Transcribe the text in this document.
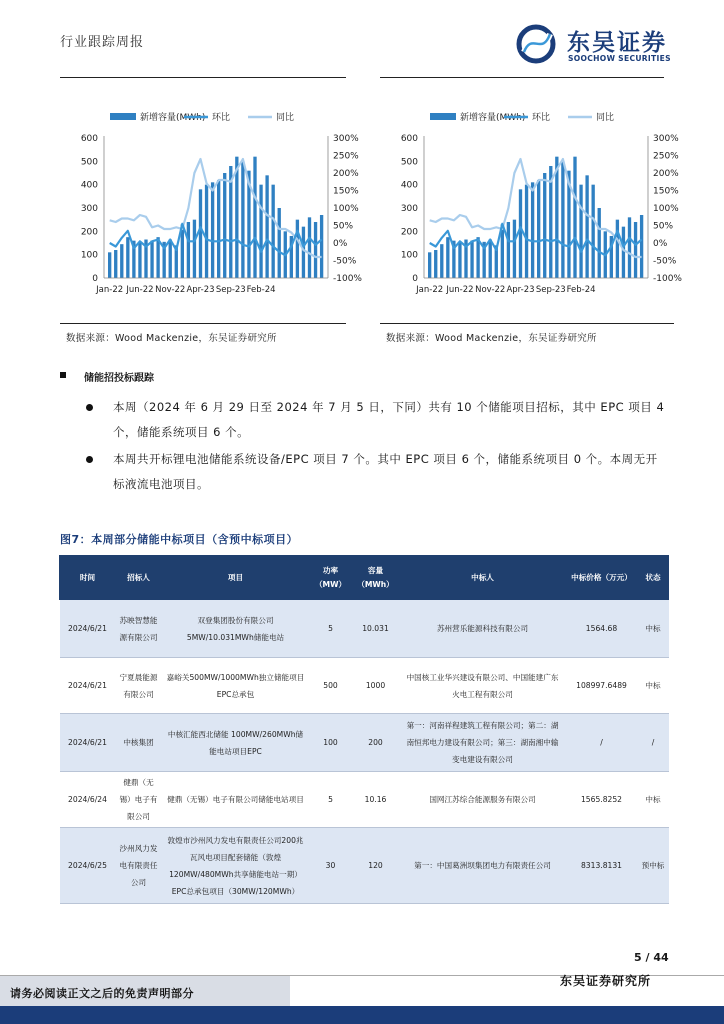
行业跟踪周报	东吴证券
SOOCHOW SECURITIES
新增容量(MWh) 环比	同比
600
500
400
300
200
100
0
300%
250%
200%
150%
100%
50%
0%
-50%
-100%
Jan-22 Jun-22 Nov-22 Apr-23 Sep-23 Feb-24
新增容量(MWh) 环比	同比
600
500
400
300
200
100
0
300%
250%
200%
150%
100%
50%
0%
-50%
-100%
Jan-22 Jun-22 Nov-22 Apr-23 Sep-23 Feb-24
数据来源：Wood Mackenzie，东吴证券研究所	数据来源：Wood Mackenzie，东吴证券研究所
储能招投标跟踪
本周（2024 年 6 月 29 日至 2024 年 7 月 5 日，下同）共有 10 个储能项目招标，其中 EPC 项目 4 个，储能系统项目 6 个。
本周共开标锂电池储能系统设备/EPC 项目 7 个。其中 EPC 项目 6 个，储能系统项目 0 个。本周无开标液流电池项目。
图7：本周部分储能中标项目（含预中标项目）
时间	招标人	项目	功率（MW）	容量（MWh）	中标人	中标价格（万元）	状态
2024/6/21	苏映智慧能源有限公司	双登集团股份有限公司5MW/10.031MWh储能电站	5	10.031	苏州营乐能源科技有限公司	1564.68	中标
2024/6/21	宁夏晨能源有限公司	嘉峪关500MW/1000MWh独立储能项目EPC总承包	500	1000	中国核工业华兴建设有限公司、中国能建广东火电工程有限公司	108997.6489	中标
2024/6/21	中核集团	中核汇能西北储能 100MW/260MWh储能电站项目EPC	100	200	第一：河南祥程建筑工程有限公司；第二：湖南恒邦电力建设有限公司；第三：湖南湘中输变电建设有限公司	/	/
2024/6/24	健鼎（无锡）电子有限公司	健鼎（无锡）电子有限公司储能电站项目	5	10.16	国网江苏综合能源服务有限公司	1565.8252	中标
2024/6/25	沙州风力发电有限责任公司	敦煌市沙州风力发电有限责任公司200兆瓦风电项目配套储能（敦煌120MW/480MWh共享储能电站一期）EPC总承包项目（30MW/120MWh）	30	120	第一：中国葛洲坝集团电力有限责任公司	8313.8131	预中标
5 / 44
请务必阅读正文之后的免责声明部分
东吴证券研究所
